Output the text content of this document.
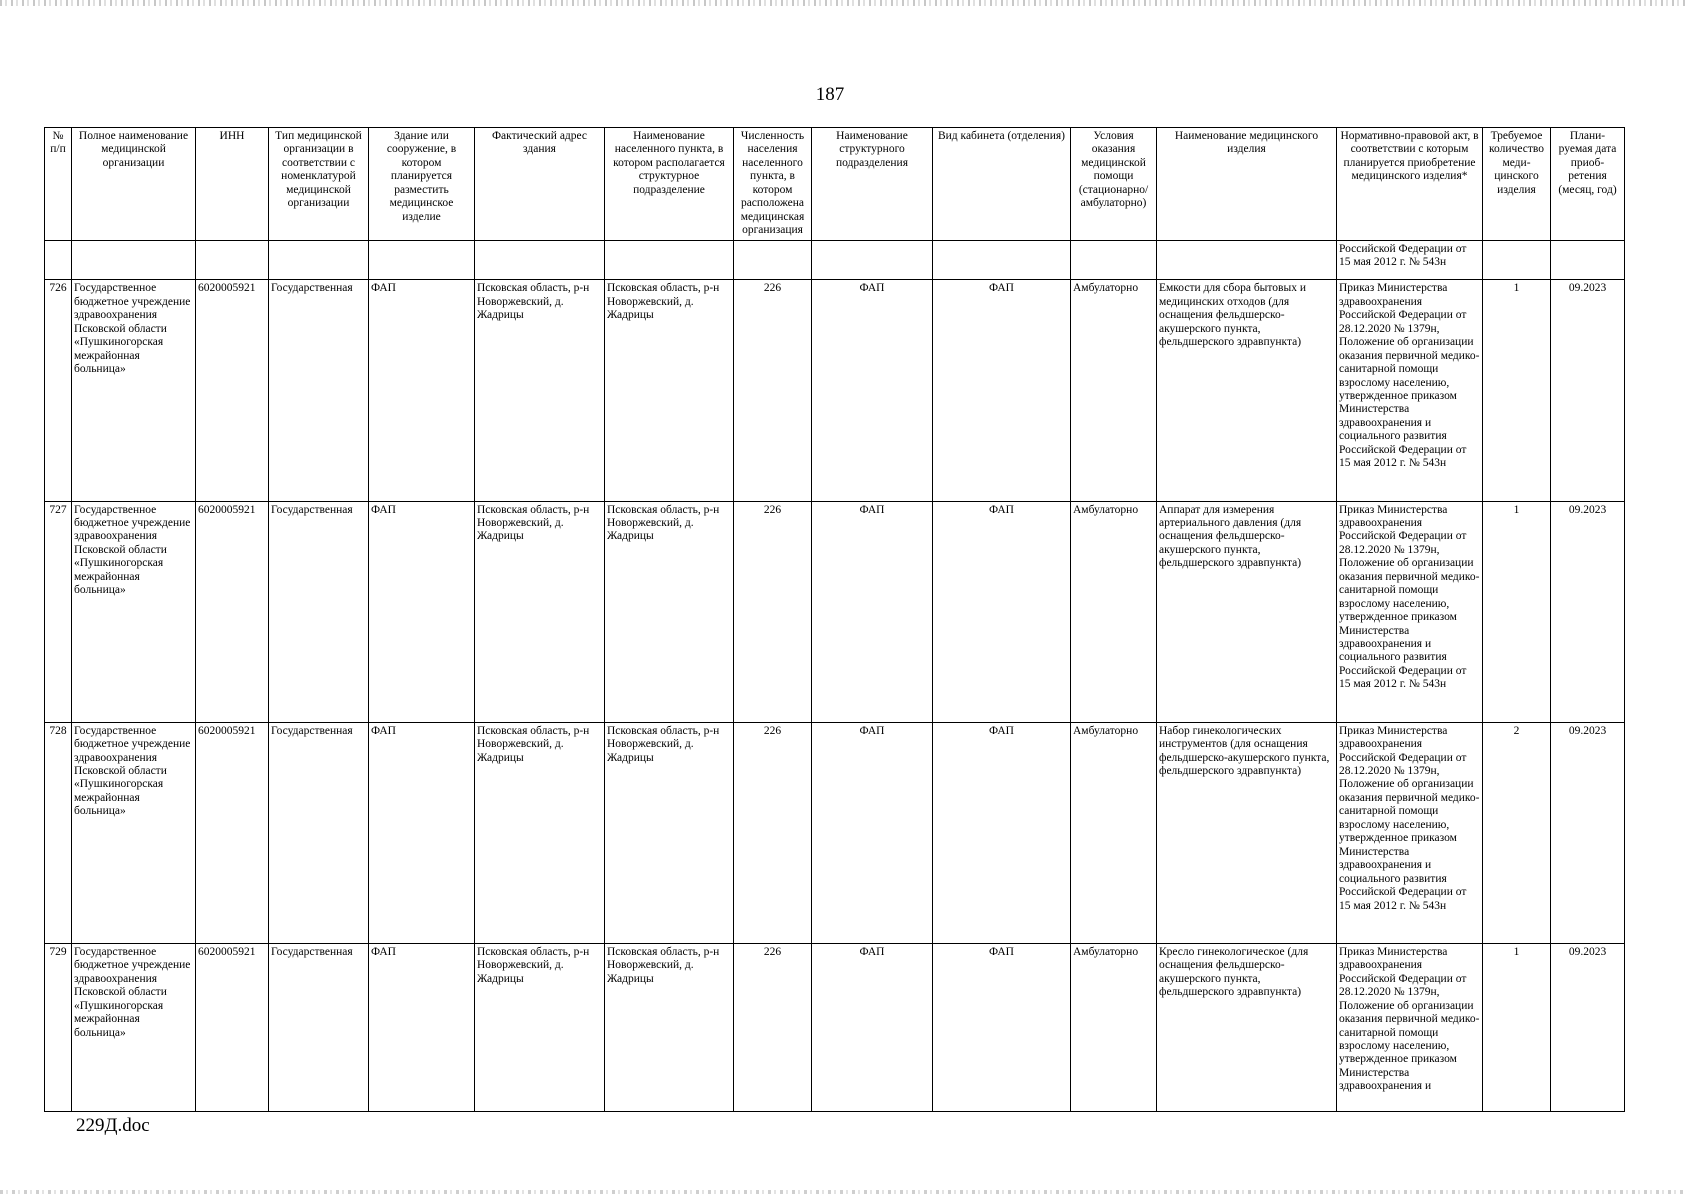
187
№ п/п	Полное наименование медицинской организации	ИНН	Тип медицинской организации в соответствии с номенклатурой медицинской организации	Здание или сооружение, в котором планируется разместить медицинское изделие	Фактический адрес здания	Наименование населенного пункта, в котором располагается структурное подразделение	Численность населения населенного пункта, в котором расположена медицинская организация	Наименование структурного подразделения	Вид кабинета (отделения)	Условия оказания медицинской помощи (стационарно/ амбулаторно)	Наименование медицинского изделия	Нормативно-правовой акт, в соответствии с которым планируется приобретение медицинского изделия*	Требуемое количество меди-цинского изделия	Плани-руемая дата приоб-ретения (месяц, год)
												Российской Федерации от 15 мая 2012 г. № 543н		
726	Государственное бюджетное учреждение здравоохранения Псковской области «Пушкиногорская межрайонная больница»	6020005921	Государственная	ФАП	Псковская область, р-н Новоржевский, д. Жадрицы	Псковская область, р-н Новоржевский, д. Жадрицы	226	ФАП	ФАП	Амбулаторно	Емкости для сбора бытовых и медицинских отходов (для оснащения фельдшерско-акушерского пункта, фельдшерского здравпункта)	Приказ Министерства здравоохранения Российской Федерации от 28.12.2020 № 1379н, Положение об организации оказания первичной медико-санитарной помощи взрослому населению, утвержденное приказом Министерства здравоохранения и социального развития Российской Федерации от 15 мая 2012 г. № 543н	1	09.2023
727	Государственное бюджетное учреждение здравоохранения Псковской области «Пушкиногорская межрайонная больница»	6020005921	Государственная	ФАП	Псковская область, р-н Новоржевский, д. Жадрицы	Псковская область, р-н Новоржевский, д. Жадрицы	226	ФАП	ФАП	Амбулаторно	Аппарат для измерения артериального давления (для оснащения фельдшерско-акушерского пункта, фельдшерского здравпункта)	Приказ Министерства здравоохранения Российской Федерации от 28.12.2020 № 1379н, Положение об организации оказания первичной медико-санитарной помощи взрослому населению, утвержденное приказом Министерства здравоохранения и социального развития Российской Федерации от 15 мая 2012 г. № 543н	1	09.2023
728	Государственное бюджетное учреждение здравоохранения Псковской области «Пушкиногорская межрайонная больница»	6020005921	Государственная	ФАП	Псковская область, р-н Новоржевский, д. Жадрицы	Псковская область, р-н Новоржевский, д. Жадрицы	226	ФАП	ФАП	Амбулаторно	Набор гинекологических инструментов (для оснащения фельдшерско-акушерского пункта, фельдшерского здравпункта)	Приказ Министерства здравоохранения Российской Федерации от 28.12.2020 № 1379н, Положение об организации оказания первичной медико-санитарной помощи взрослому населению, утвержденное приказом Министерства здравоохранения и социального развития Российской Федерации от 15 мая 2012 г. № 543н	2	09.2023
729	Государственное бюджетное учреждение здравоохранения Псковской области «Пушкиногорская межрайонная больница»	6020005921	Государственная	ФАП	Псковская область, р-н Новоржевский, д. Жадрицы	Псковская область, р-н Новоржевский, д. Жадрицы	226	ФАП	ФАП	Амбулаторно	Кресло гинекологическое (для оснащения фельдшерско-акушерского пункта, фельдшерского здравпункта)	Приказ Министерства здравоохранения Российской Федерации от 28.12.2020 № 1379н, Положение об организации оказания первичной медико-санитарной помощи взрослому населению, утвержденное приказом Министерства здравоохранения и	1	09.2023
229Д.doc
